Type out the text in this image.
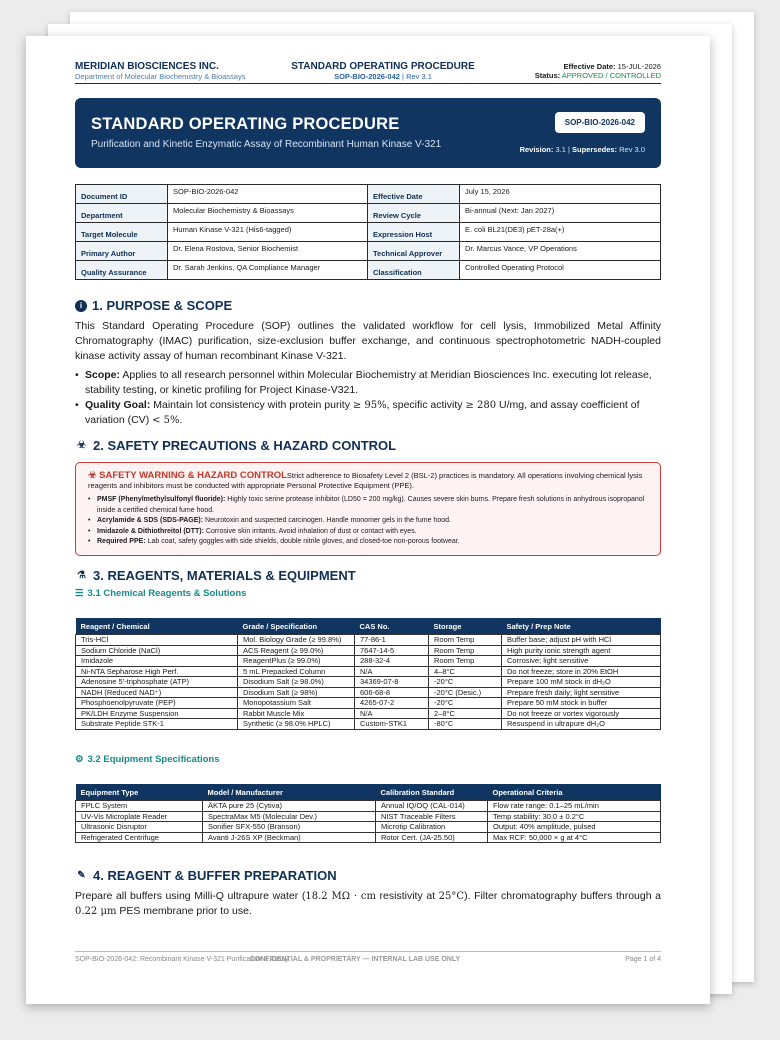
MERIDIAN BIOSCIENCES INC.
Department of Molecular Biochemistry & Bioassays
STANDARD OPERATING PROCEDURE
SOP-BIO-2026-042 | Rev 3.1
Effective Date: 15-JUL-2026
Status: APPROVED / CONTROLLED
STANDARD OPERATING PROCEDURE
Purification and Kinetic Enzymatic Assay of Recombinant Human Kinase V-321
SOP-BIO-2026-042
Revision: 3.1 | Supersedes: Rev 3.0
Document ID	SOP-BIO-2026-042	Effective Date	July 15, 2026
Department	Molecular Biochemistry & Bioassays	Review Cycle	Bi-annual (Next: Jan 2027)
Target Molecule	Human Kinase V-321 (His6-tagged)	Expression Host	E. coli BL21(DE3) pET-28a(+)
Primary Author	Dr. Elena Rostova, Senior Biochemist	Technical Approver	Dr. Marcus Vance, VP Operations
Quality Assurance	Dr. Sarah Jenkins, QA Compliance Manager	Classification	Controlled Operating Protocol
i 1. PURPOSE & SCOPE

This Standard Operating Procedure (SOP) outlines the validated workflow for cell lysis, Immobilized Metal Affinity Chromatography (IMAC) purification, size-exclusion buffer exchange, and continuous spectrophotometric NADH-coupled kinase activity assay of human recombinant Kinase V-321.

• Scope: Applies to all research personnel within Molecular Biochemistry at Meridian Biosciences Inc. executing lot release, stability testing, or kinetic profiling for Project Kinase-V321.
• Quality Goal: Maintain lot consistency with protein purity ≥ 95%, specific activity ≥ 280 U/mg, and assay coefficient of variation (CV) < 5%.
☣ 2. SAFETY PRECAUTIONS & HAZARD CONTROL
☣ SAFETY WARNING & HAZARD CONTROLStrict adherence to Biosafety Level 2 (BSL-2) practices is mandatory. All operations involving chemical lysis reagents and inhibitors must be conducted with appropriate Personal Protective Equipment (PPE).
• PMSF (Phenylmethylsulfonyl fluoride): Highly toxic serine protease inhibitor (LD50 = 200 mg/kg). Causes severe skin burns. Prepare fresh solutions in anhydrous isopropanol inside a certified chemical fume hood.
• Acrylamide & SDS (SDS-PAGE): Neurotoxin and suspected carcinogen. Handle monomer gels in the fume hood.
• Imidazole & Dithiothreitol (DTT): Corrosive skin irritants. Avoid inhalation of dust or contact with eyes.
• Required PPE: Lab coat, safety goggles with side shields, double nitrile gloves, and closed-toe non-porous footwear.
⚗ 3. REAGENTS, MATERIALS & EQUIPMENT
☰ 3.1 Chemical Reagents & Solutions
Reagent / Chemical	Grade / Specification	CAS No.	Storage	Safety / Prep Note
Tris-HCl	Mol. Biology Grade (≥ 99.8%)	77-86-1	Room Temp	Buffer base; adjust pH with HCl
Sodium Chloride (NaCl)	ACS Reagent (≥ 99.0%)	7647-14-5	Room Temp	High purity ionic strength agent
Imidazole	ReagentPlus (≥ 99.0%)	288-32-4	Room Temp	Corrosive; light sensitive
Ni-NTA Sepharose High Perf.	5 mL Prepacked Column	N/A	4–8°C	Do not freeze; store in 20% EtOH
Adenosine 5'-triphosphate (ATP)	Disodium Salt (≥ 98.0%)	34369-07-8	-20°C	Prepare 100 mM stock in dH₂O
NADH (Reduced NAD⁺)	Disodium Salt (≥ 98%)	606-68-8	-20°C (Desic.)	Prepare fresh daily; light sensitive
Phosphoenolpyruvate (PEP)	Monopotassium Salt	4265-07-2	-20°C	Prepare 50 mM stock in buffer
PK/LDH Enzyme Suspension	Rabbit Muscle Mix	N/A	2–8°C	Do not freeze or vortex vigorously
Substrate Peptide STK-1	Synthetic (≥ 98.0% HPLC)	Custom-STK1	-80°C	Resuspend in ultrapure dH₂O
⚙ 3.2 Equipment Specifications
Equipment Type	Model / Manufacturer	Calibration Standard	Operational Criteria
FPLC System	ÄKTA pure 25 (Cytiva)	Annual IQ/OQ (CAL-014)	Flow rate range: 0.1–25 mL/min
UV-Vis Microplate Reader	SpectraMax M5 (Molecular Dev.)	NIST Traceable Filters	Temp stability: 30.0 ± 0.2°C
Ultrasonic Disruptor	Sonifier SFX-550 (Branson)	Microtip Calibration	Output: 40% amplitude, pulsed
Refrigerated Centrifuge	Avanti J-26S XP (Beckman)	Rotor Cert. (JA-25.50)	Max RCF: 50,000 × g at 4°C
✎ 4. REAGENT & BUFFER PREPARATION

Prepare all buffers using Milli-Q ultrapure water (18.2 MΩ · cm resistivity at 25°C). Filter chromatography buffers through a 0.22 μm PES membrane prior to use.

SOP-BIO-2026-042: Recombinant Kinase V-321 Purification & Assay
CONFIDENTIAL & PROPRIETARY — INTERNAL LAB USE ONLY	Page 1 of 4
